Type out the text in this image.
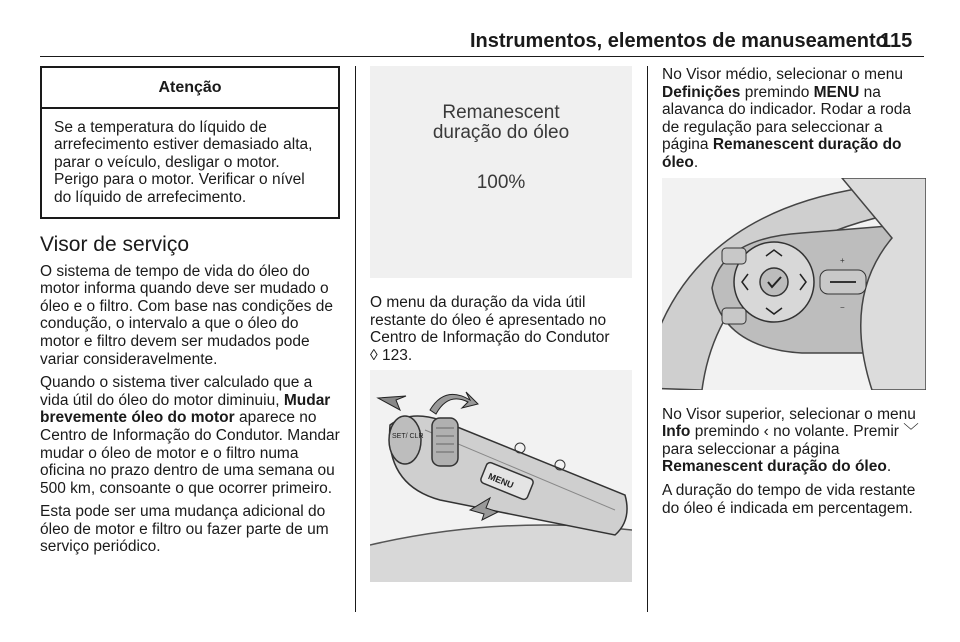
Instrumentos, elementos de manuseamento
115
Atenção
Se a temperatura do líquido de arrefecimento estiver demasiado alta, parar o veículo, desligar o motor. Perigo para o motor. Verificar o nível do líquido de arrefecimento.
Visor de serviço

O sistema de tempo de vida do óleo do motor informa quando deve ser mudado o óleo e o filtro. Com base nas condições de condução, o intervalo a que o óleo do motor e filtro devem ser mudados pode variar consideravelmente.

Quando o sistema tiver calculado que a vida útil do óleo do motor diminuiu, Mudar brevemente óleo do motor aparece no Centro de Informação do Condutor. Mandar mudar o óleo de motor e o filtro numa oficina no prazo dentro de uma semana ou 500 km, consoante o que ocorrer primeiro.

Esta pode ser uma mudança adicional do óleo de motor e filtro ou fazer parte de um serviço periódico.

Remanescent
duração do óleo
100%

O menu da duração da vida útil restante do óleo é apresentado no Centro de Informação do Condutor
◊ 123.

SET/ CLR
MENU

No Visor médio, selecionar o menu Definições premindo MENU na alavanca do indicador. Rodar a roda de regulação para seleccionar a página Remanescent duração do óleo.

+
−

No Visor superior, selecionar o menu Info premindo ‹ no volante. Premir ﹀ para seleccionar a página Remanescent duração do óleo.

A duração do tempo de vida restante do óleo é indicada em percentagem.
